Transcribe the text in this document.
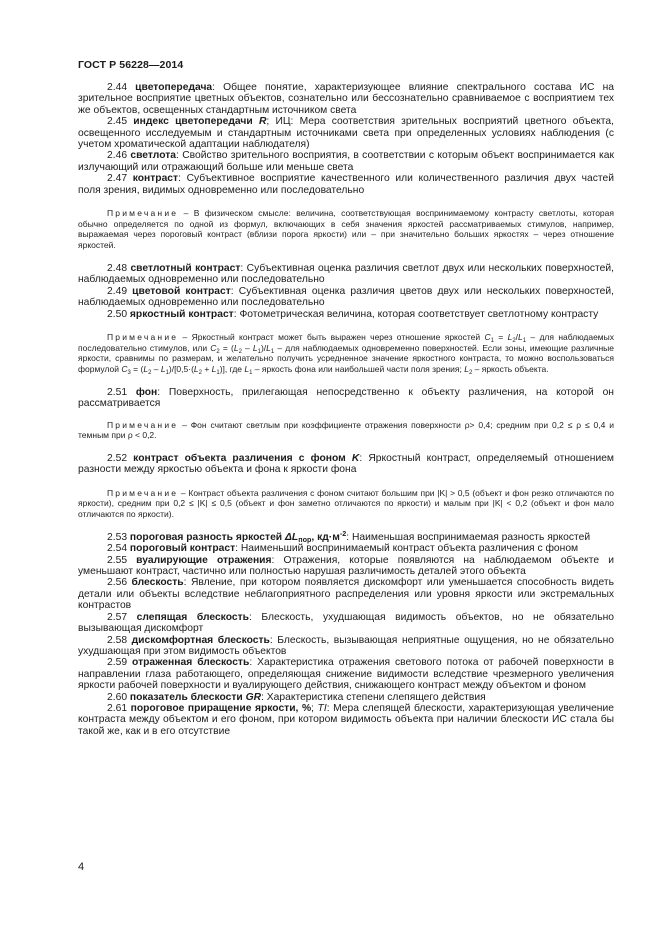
ГОСТ Р 56228—2014

2.44 цветопередача: Общее понятие, характеризующее влияние спектрального состава ИС на зрительное восприятие цветных объектов, сознательно или бессознательно сравниваемое с восприятием тех же объектов, освещенных стандартным источником света

2.45 индекс цветопередачи R; ИЦ: Мера соответствия зрительных восприятий цветного объекта, освещенного исследуемым и стандартным источниками света при определенных условиях наблюдения (с учетом хроматической адаптации наблюдателя)

2.46 светлота: Свойство зрительного восприятия, в соответствии с которым объект воспринимается как излучающий или отражающий больше или меньше света

2.47 контраст: Субъективное восприятие качественного или количественного различия двух частей поля зрения, видимых одновременно или последовательно

Примечание – В физическом смысле: величина, соответствующая воспринимаемому контрасту светлоты, которая обычно определяется по одной из формул, включающих в себя значения яркостей рассматриваемых стимулов, например, выражаемая через пороговый контраст (вблизи порога яркости) или – при значительно больших яркостях – через отношение яркостей.

2.48 светлотный контраст: Субъективная оценка различия светлот двух или нескольких поверхностей, наблюдаемых одновременно или последовательно

2.49 цветовой контраст: Субъективная оценка различия цветов двух или нескольких поверхностей, наблюдаемых одновременно или последовательно

2.50 яркостный контраст: Фотометрическая величина, которая соответствует светлотному контрасту

Примечание – Яркостный контраст может быть выражен через отношение яркостей $C_1 = L_2/L_1$ – для наблюдаемых последовательно стимулов, или $C_2 = (L_2 - L_1)/L_1$ – для наблюдаемых одновременно поверхностей. Если зоны, имеющие различные яркости, сравнимы по размерам, и желательно получить усредненное значение яркостного контраста, то можно воспользоваться формулой $C_3 = (L_2 - L_1)/[0,5\cdot(L_2 + L_1)]$, где $L_1$ – яркость фона или наибольшей части поля зрения; $L_2$ – яркость объекта.

2.51 фон: Поверхность, прилегающая непосредственно к объекту различения, на которой он рассматривается

Примечание – Фон считают светлым при коэффициенте отражения поверхности ρ> 0,4; средним при 0,2 ≤ ρ ≤ 0,4 и темным при ρ < 0,2.

2.52 контраст объекта различения с фоном K: Яркостный контраст, определяемый отношением разности между яркостью объекта и фона к яркости фона

Примечание – Контраст объекта различения с фоном считают большим при |K| > 0,5 (объект и фон резко отличаются по яркости), средним при 0,2 ≤ |K| ≤ 0,5 (объект и фон заметно отличаются по яркости) и малым при |K| < 0,2 (объект и фон мало отличаются по яркости).

2.53 пороговая разность яркостей $\Delta L_{пор}$, $кд\cdot м^{-2}$: Наименьшая воспринимаемая разность яркостей

2.54 пороговый контраст: Наименьший воспринимаемый контраст объекта различения с фоном

2.55 вуалирующие отражения: Отражения, которые появляются на наблюдаемом объекте и уменьшают контраст, частично или полностью нарушая различимость деталей этого объекта

2.56 блескость: Явление, при котором появляется дискомфорт или уменьшается способность видеть детали или объекты вследствие неблагоприятного распределения или уровня яркости или экстремальных контрастов

2.57 слепящая блескость: Блескость, ухудшающая видимость объектов, но не обязательно вызывающая дискомфорт

2.58 дискомфортная блескость: Блескость, вызывающая неприятные ощущения, но не обязательно ухудшающая при этом видимость объектов

2.59 отраженная блескость: Характеристика отражения светового потока от рабочей поверхности в направлении глаза работающего, определяющая снижение видимости вследствие чрезмерного увеличения яркости рабочей поверхности и вуалирующего действия, снижающего контраст между объектом и фоном

2.60 показатель блескости GR: Характеристика степени слепящего действия

2.61 пороговое приращение яркости, %; TI: Мера слепящей блескости, характеризующая увеличение контраста между объектом и его фоном, при котором видимость объекта при наличии блескости ИС стала бы такой же, как и в его отсутствие

4
